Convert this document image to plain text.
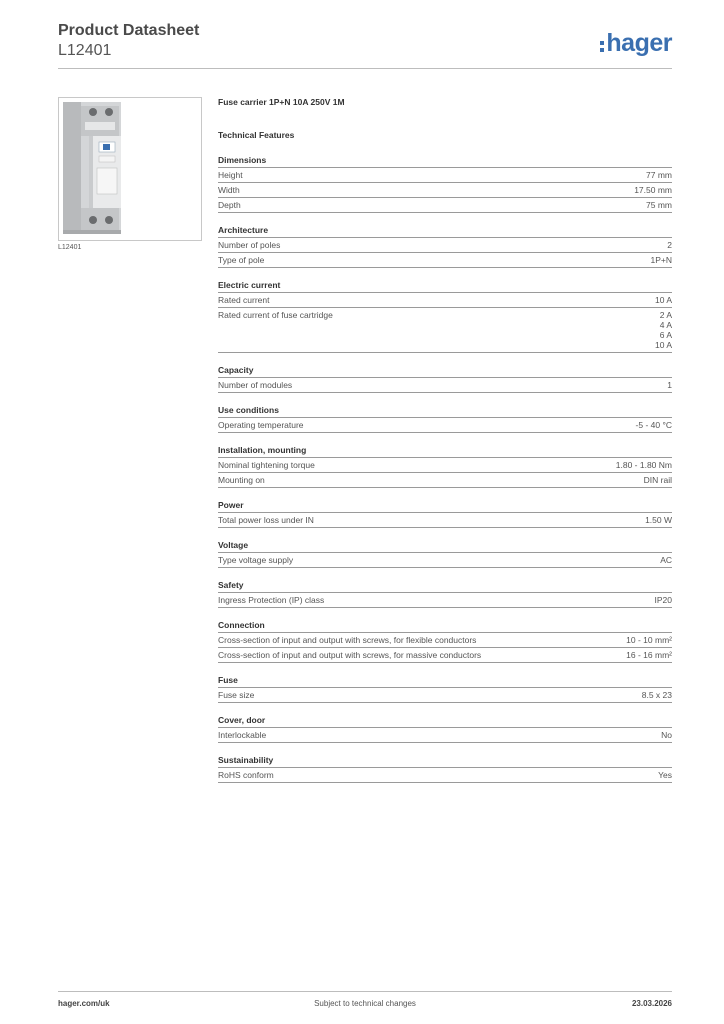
Product Datasheet
L12401	hager
L12401
Fuse carrier 1P+N 10A 250V 1M
Technical Features
Dimensions
Height	77 mm
Width	17.50 mm
Depth	75 mm
Architecture
Number of poles	2
Type of pole	1P+N
Electric current
Rated current	10 A
Rated current of fuse cartridge	2 A
4 A
6 A
10 A
Capacity
Number of modules	1
Use conditions
Operating temperature	-5 - 40 °C
Installation, mounting
Nominal tightening torque	1.80 - 1.80 Nm
Mounting on	DIN rail
Power
Total power loss under IN	1.50 W
Voltage
Type voltage supply	AC
Safety
Ingress Protection (IP) class	IP20
Connection
Cross-section of input and output with screws, for flexible conductors	10 - 10 mm²
Cross-section of input and output with screws, for massive conductors	16 - 16 mm²
Fuse
Fuse size	8.5 x 23
Cover, door
Interlockable	No
Sustainability
RoHS conform	Yes
Subject to technical changes
hager.com/uk	23.03.2026
